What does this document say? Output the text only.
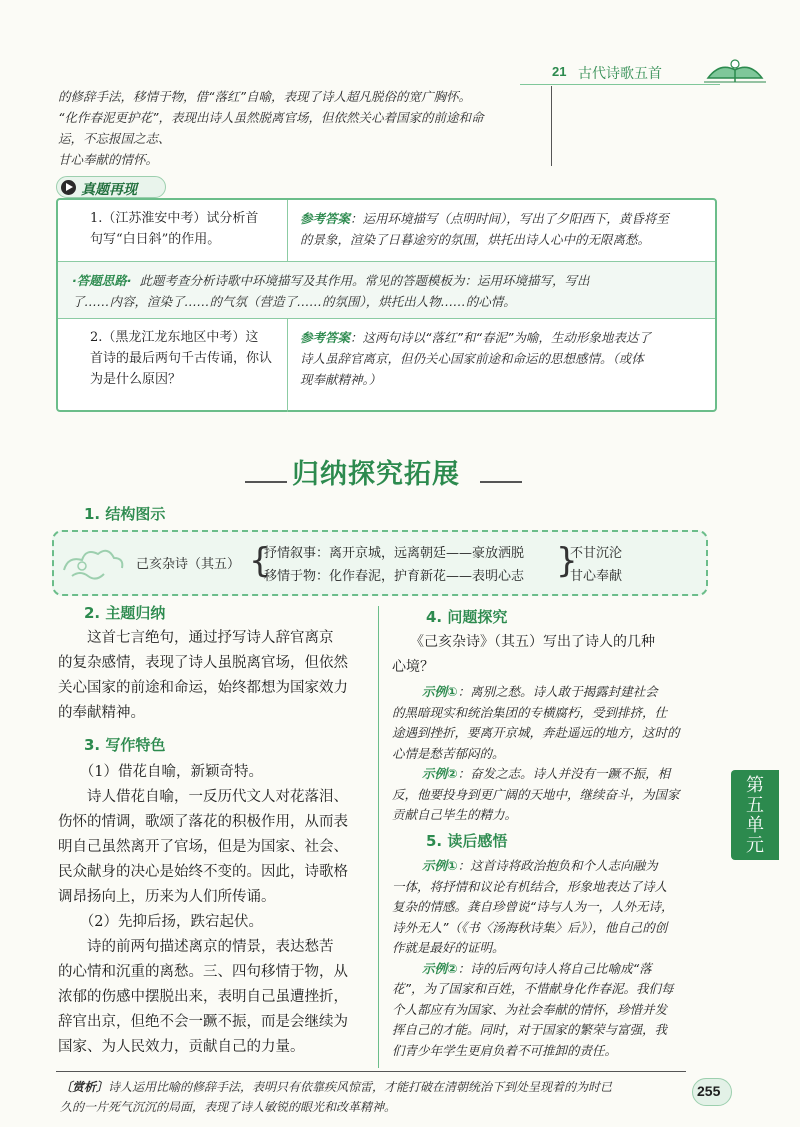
21 古代诗歌五首
的修辞手法，移情于物，借“落红”自喻，表现了诗人超凡脱俗的宽广胸怀。
“化作春泥更护花”，表现出诗人虽然脱离官场，但依然关心着国家的前途和命
运，不忘报国之志、
甘心奉献的情怀。
1.（江苏淮安中考）试分析首
句写“白日斜”的作用。
参考答案：运用环境描写（点明时间），写出了夕阳西下，黄昏将至
的景象，渲染了日暮途穷的氛围，烘托出诗人心中的无限离愁。
·答题思路· 此题考查分析诗歌中环境描写及其作用。常见的答题模板为：运用环境描写，写出
了……内容，渲染了……的气氛（营造了……的氛围），烘托出人物……的心情。
2.（黑龙江龙东地区中考）这
首诗的最后两句千古传诵，你认
为是什么原因？
参考答案：这两句诗以“落红”和“春泥”为喻，生动形象地表达了
诗人虽辞官离京，但仍关心国家前途和命运的思想感情。（或体
现奉献精神。）
真题再现
归纳探究拓展
1. 结构图示
己亥杂诗（其五） {
抒情叙事：离开京城，远离朝廷——豪放洒脱
移情于物：化作春泥，护育新花——表明心志 }
不甘沉沦
甘心奉献
2. 主题归纳
　　这首七言绝句，通过抒写诗人辞官离京
的复杂感情，表现了诗人虽脱离官场，但依然
关心国家的前途和命运，始终都想为国家效力
的奉献精神。
3. 写作特色
　　（1）借花自喻，新颖奇特。
　　诗人借花自喻，一反历代文人对花落泪、
伤怀的情调，歌颂了落花的积极作用，从而表
明自己虽然离开了官场，但是为国家、社会、
民众献身的决心是始终不变的。因此，诗歌格
调昂扬向上，历来为人们所传诵。
　　（2）先抑后扬，跌宕起伏。
　　诗的前两句描述离京的情景，表达愁苦
的心情和沉重的离愁。三、四句移情于物，从
浓郁的伤感中摆脱出来，表明自己虽遭挫折，
辞官出京，但绝不会一蹶不振，而是会继续为
国家、为人民效力，贡献自己的力量。
4. 问题探究
《己亥杂诗》（其五）写出了诗人的几种
心境？
示例①：离别之愁。诗人敢于揭露封建社会
的黑暗现实和统治集团的专横腐朽，受到排挤，仕
途遇到挫折，要离开京城，奔赴遥远的地方，这时的
心情是愁苦郁闷的。
示例②：奋发之志。诗人并没有一蹶不振，相
反，他要投身到更广阔的天地中，继续奋斗，为国家
贡献自己毕生的精力。
5. 读后感悟
示例①：这首诗将政治抱负和个人志向融为
一体，将抒情和议论有机结合，形象地表达了诗人
复杂的情感。龚自珍曾说“诗与人为一，人外无诗，
诗外无人”（《书〈汤海秋诗集〉后》），他自己的创
作就是最好的证明。
示例②：诗的后两句诗人将自己比喻成“落
花”，为了国家和百姓，不惜献身化作春泥。我们每
个人都应有为国家、为社会奉献的情怀，珍惜并发
挥自己的才能。同时，对于国家的繁荣与富强，我
们青少年学生更肩负着不可推卸的责任。
第五单元
〔赏析〕诗人运用比喻的修辞手法，表明只有依靠疾风惊雷，才能打破在清朝统治下到处呈现着的为时已
久的一片死气沉沉的局面，表现了诗人敏锐的眼光和改革精神。
255
